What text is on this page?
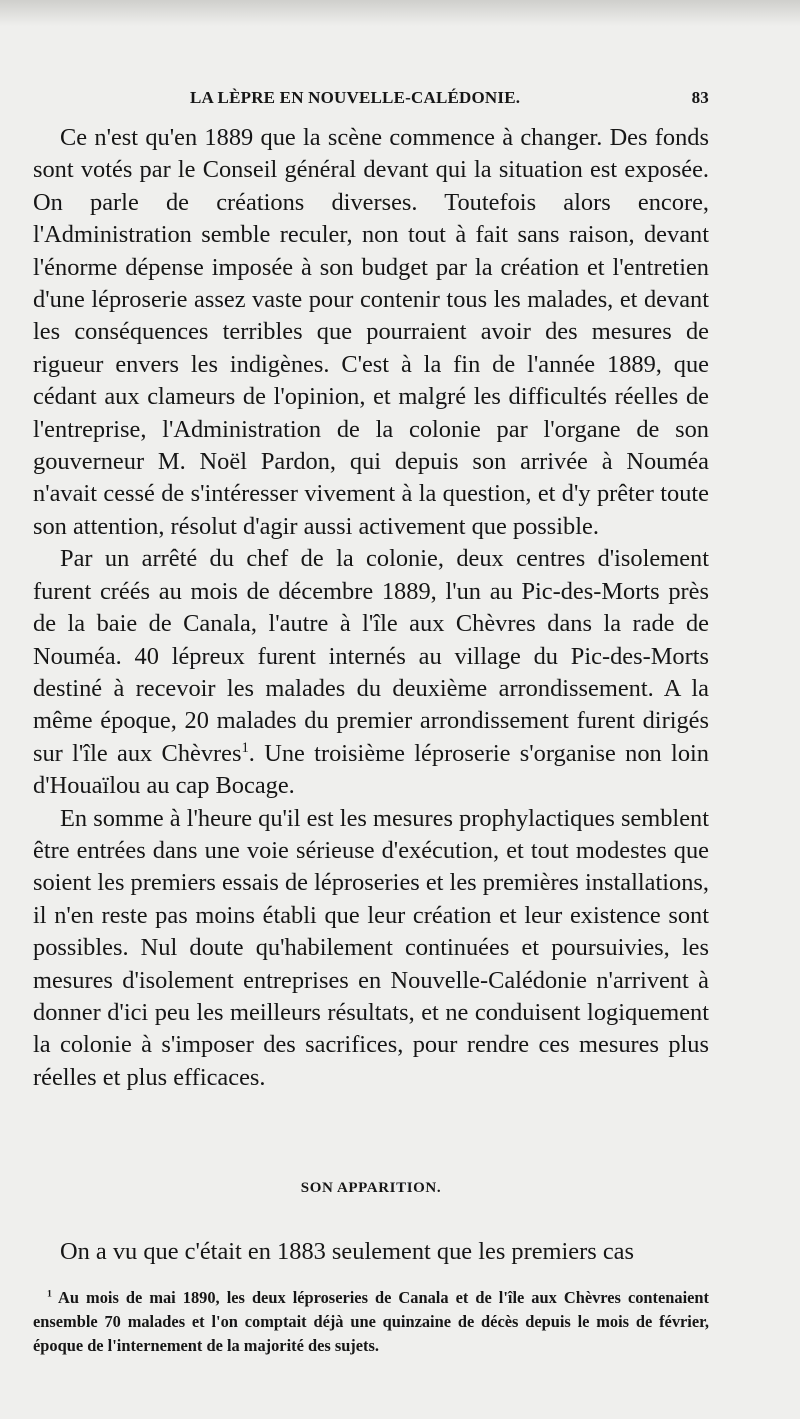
LA LÈPRE EN NOUVELLE-CALÉDONIE.	83

Ce n'est qu'en 1889 que la scène commence à changer. Des fonds sont votés par le Conseil général devant qui la situation est exposée. On parle de créations diverses. Toutefois alors encore, l'Administration semble reculer, non tout à fait sans raison, devant l'énorme dépense imposée à son budget par la création et l'entretien d'une léproserie assez vaste pour contenir tous les malades, et devant les conséquences terribles que pourraient avoir des mesures de rigueur envers les indigènes. C'est à la fin de l'année 1889, que cédant aux clameurs de l'opinion, et malgré les difficultés réelles de l'entreprise, l'Administration de la colonie par l'organe de son gouverneur M. Noël Pardon, qui depuis son arrivée à Nouméa n'avait cessé de s'intéresser vivement à la question, et d'y prêter toute son attention, résolut d'agir aussi activement que possible.

Par un arrêté du chef de la colonie, deux centres d'isolement furent créés au mois de décembre 1889, l'un au Pic-des-Morts près de la baie de Canala, l'autre à l'île aux Chèvres dans la rade de Nouméa. 40 lépreux furent internés au village du Pic-des-Morts destiné à recevoir les malades du deuxième arrondissement. A la même époque, 20 malades du premier arrondissement furent dirigés sur l'île aux Chèvres$^1$. Une troisième léproserie s'organise non loin d'Houaïlou au cap Bocage.

En somme à l'heure qu'il est les mesures prophylactiques semblent être entrées dans une voie sérieuse d'exécution, et tout modestes que soient les premiers essais de léproseries et les premières installations, il n'en reste pas moins établi que leur création et leur existence sont possibles. Nul doute qu'habilement continuées et poursuivies, les mesures d'isolement entreprises en Nouvelle-Calédonie n'arrivent à donner d'ici peu les meilleurs résultats, et ne conduisent logiquement la colonie à s'imposer des sacrifices, pour rendre ces mesures plus réelles et plus efficaces.

SON APPARITION.

On a vu que c'était en 1883 seulement que les premiers cas

$^1$ Au mois de mai 1890, les deux léproseries de Canala et de l'île aux Chèvres contenaient ensemble 70 malades et l'on comptait déjà une quinzaine de décès depuis le mois de février, époque de l'internement de la majorité des sujets.
